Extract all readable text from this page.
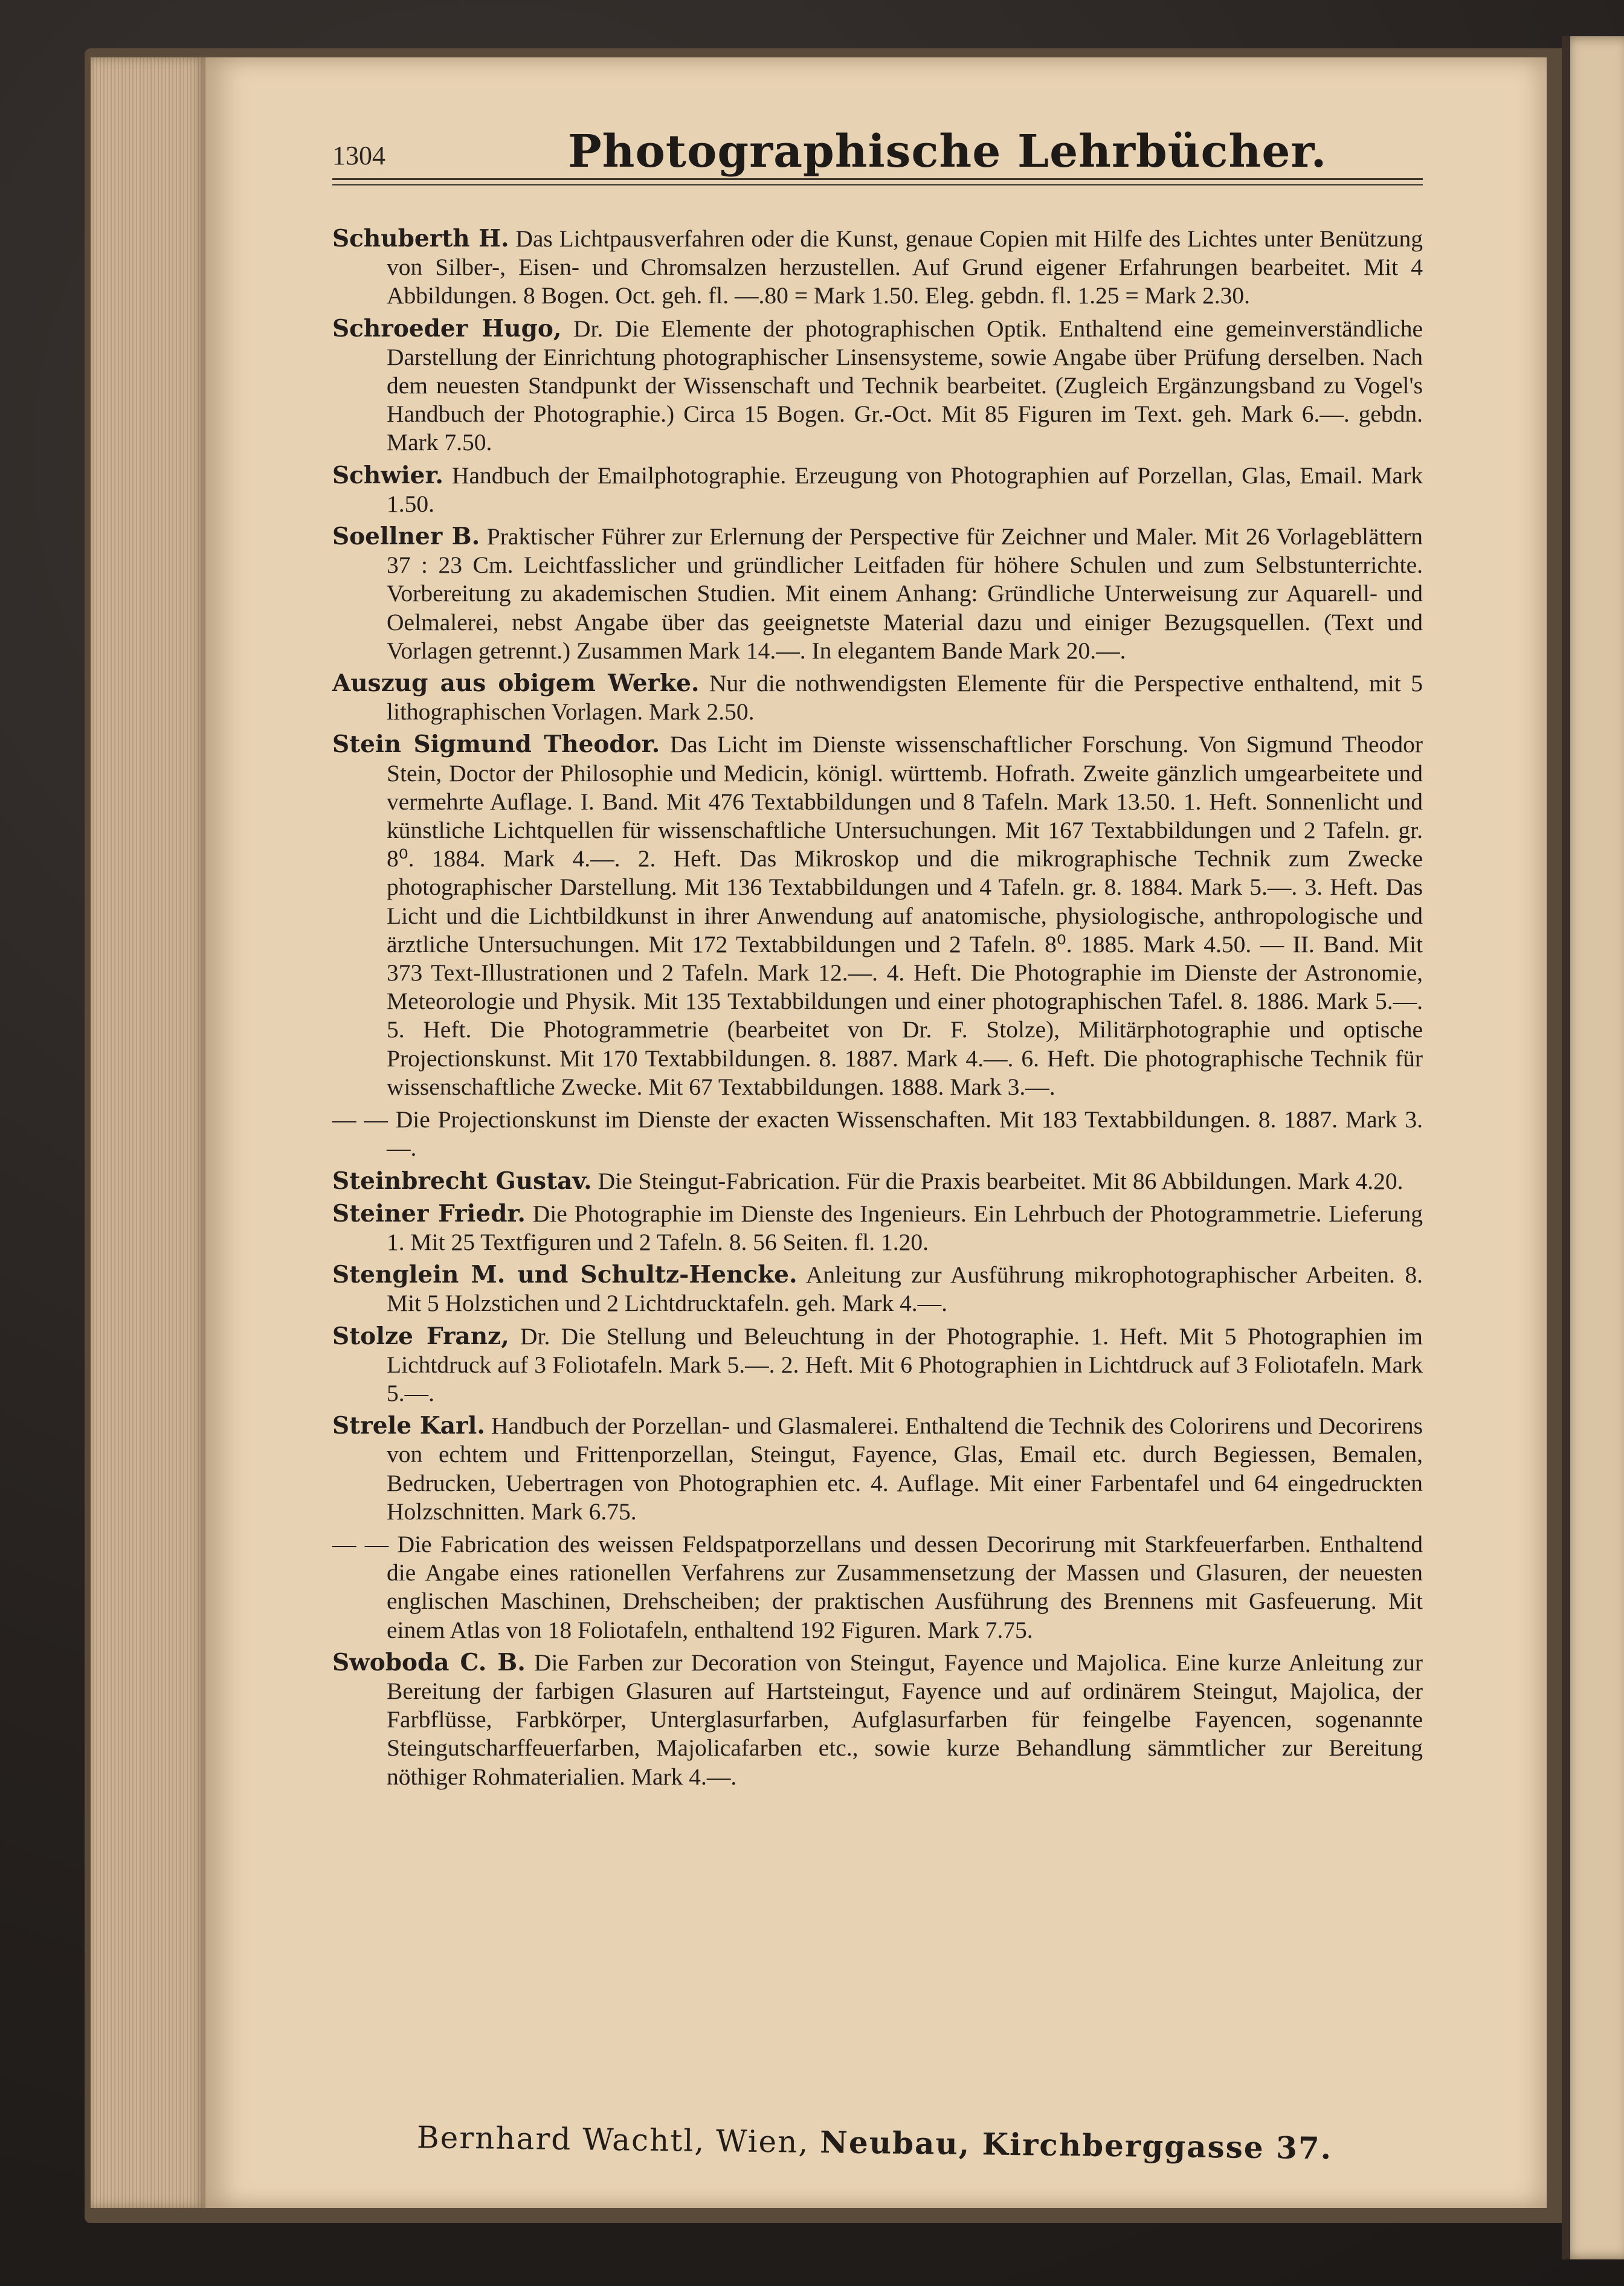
1304	Photographische Lehrbücher.

Schuberth H. Das Lichtpausverfahren oder die Kunst, genaue Copien mit Hilfe des Lichtes unter Benützung von Silber-, Eisen- und Chromsalzen herzustellen. Auf Grund eigener Erfahrungen bearbeitet. Mit 4 Abbildungen. 8 Bogen. Oct. geh. fl. —.80 = Mark 1.50. Eleg. gebdn. fl. 1.25 = Mark 2.30.

Schroeder Hugo, Dr. Die Elemente der photographischen Optik. Enthaltend eine gemeinverständliche Darstellung der Einrichtung photographischer Linsensysteme, sowie Angabe über Prüfung derselben. Nach dem neuesten Standpunkt der Wissenschaft und Technik bearbeitet. (Zugleich Ergänzungsband zu Vogel's Handbuch der Photographie.) Circa 15 Bogen. Gr.-Oct. Mit 85 Figuren im Text. geh. Mark 6.—. gebdn. Mark 7.50.

Schwier. Handbuch der Emailphotographie. Erzeugung von Photographien auf Porzellan, Glas, Email. Mark 1.50.

Soellner B. Praktischer Führer zur Erlernung der Perspective für Zeichner und Maler. Mit 26 Vorlageblättern 37 : 23 Cm. Leichtfasslicher und gründlicher Leitfaden für höhere Schulen und zum Selbstunterrichte. Vorbereitung zu akademischen Studien. Mit einem Anhang: Gründliche Unterweisung zur Aquarell- und Oelmalerei, nebst Angabe über das geeignetste Material dazu und einiger Bezugsquellen. (Text und Vorlagen getrennt.) Zusammen Mark 14.—. In elegantem Bande Mark 20.—.

Auszug aus obigem Werke. Nur die nothwendigsten Elemente für die Perspective enthaltend, mit 5 lithographischen Vorlagen. Mark 2.50.

Stein Sigmund Theodor. Das Licht im Dienste wissenschaftlicher Forschung. Von Sigmund Theodor Stein, Doctor der Philosophie und Medicin, königl. württemb. Hofrath. Zweite gänzlich umgearbeitete und vermehrte Auflage. I. Band. Mit 476 Textabbildungen und 8 Tafeln. Mark 13.50. 1. Heft. Sonnenlicht und künstliche Lichtquellen für wissenschaftliche Untersuchungen. Mit 167 Textabbildungen und 2 Tafeln. gr. 8⁰. 1884. Mark 4.—. 2. Heft. Das Mikroskop und die mikrographische Technik zum Zwecke photographischer Darstellung. Mit 136 Textabbildungen und 4 Tafeln. gr. 8. 1884. Mark 5.—. 3. Heft. Das Licht und die Lichtbildkunst in ihrer Anwendung auf anatomische, physiologische, anthropologische und ärztliche Untersuchungen. Mit 172 Textabbildungen und 2 Tafeln. 8⁰. 1885. Mark 4.50. — II. Band. Mit 373 Text-Illustrationen und 2 Tafeln. Mark 12.—. 4. Heft. Die Photographie im Dienste der Astronomie, Meteorologie und Physik. Mit 135 Textabbildungen und einer photographischen Tafel. 8. 1886. Mark 5.—. 5. Heft. Die Photogrammetrie (bearbeitet von Dr. F. Stolze), Militärphotographie und optische Projectionskunst. Mit 170 Textabbildungen. 8. 1887. Mark 4.—. 6. Heft. Die photographische Technik für wissenschaftliche Zwecke. Mit 67 Textabbildungen. 1888. Mark 3.—.

— — Die Projectionskunst im Dienste der exacten Wissenschaften. Mit 183 Textabbildungen. 8. 1887. Mark 3.—.

Steinbrecht Gustav. Die Steingut-Fabrication. Für die Praxis bearbeitet. Mit 86 Abbildungen. Mark 4.20.

Steiner Friedr. Die Photographie im Dienste des Ingenieurs. Ein Lehrbuch der Photogrammetrie. Lieferung 1. Mit 25 Textfiguren und 2 Tafeln. 8. 56 Seiten. fl. 1.20.

Stenglein M. und Schultz-Hencke. Anleitung zur Ausführung mikrophotographischer Arbeiten. 8. Mit 5 Holzstichen und 2 Lichtdrucktafeln. geh. Mark 4.—.

Stolze Franz, Dr. Die Stellung und Beleuchtung in der Photographie. 1. Heft. Mit 5 Photographien im Lichtdruck auf 3 Foliotafeln. Mark 5.—. 2. Heft. Mit 6 Photographien in Lichtdruck auf 3 Foliotafeln. Mark 5.—.

Strele Karl. Handbuch der Porzellan- und Glasmalerei. Enthaltend die Technik des Colorirens und Decorirens von echtem und Frittenporzellan, Steingut, Fayence, Glas, Email etc. durch Begiessen, Bemalen, Bedrucken, Uebertragen von Photographien etc. 4. Auflage. Mit einer Farbentafel und 64 eingedruckten Holzschnitten. Mark 6.75.

— — Die Fabrication des weissen Feldspatporzellans und dessen Decorirung mit Starkfeuerfarben. Enthaltend die Angabe eines rationellen Verfahrens zur Zusammensetzung der Massen und Glasuren, der neuesten englischen Maschinen, Drehscheiben; der praktischen Ausführung des Brennens mit Gasfeuerung. Mit einem Atlas von 18 Foliotafeln, enthaltend 192 Figuren. Mark 7.75.

Swoboda C. B. Die Farben zur Decoration von Steingut, Fayence und Majolica. Eine kurze Anleitung zur Bereitung der farbigen Glasuren auf Hartsteingut, Fayence und auf ordinärem Steingut, Majolica, der Farbflüsse, Farbkörper, Unterglasurfarben, Aufglasurfarben für feingelbe Fayencen, sogenannte Steingutscharffeuerfarben, Majolicafarben etc., sowie kurze Behandlung sämmtlicher zur Bereitung nöthiger Rohmaterialien. Mark 4.—.

Bernhard Wachtl, Wien, Neubau, Kirchberggasse 37.
